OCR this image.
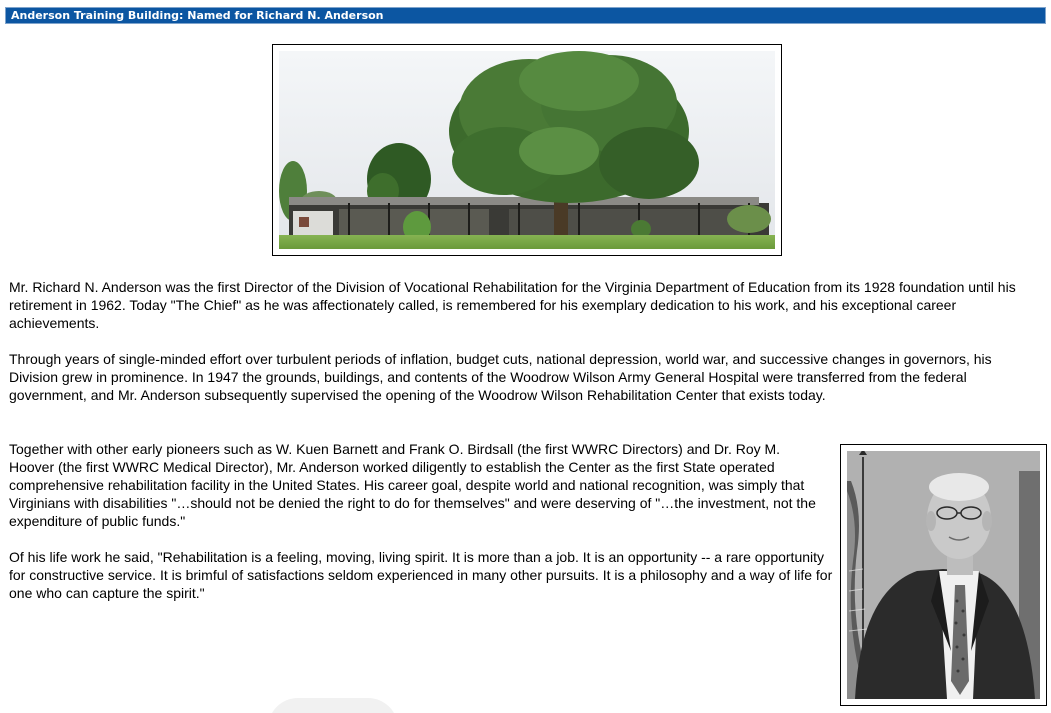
Anderson Training Building: Named for Richard N. Anderson

Mr. Richard N. Anderson was the first Director of the Division of Vocational Rehabilitation for the Virginia Department of Education from its 1928 foundation until his retirement in 1962. Today "The Chief" as he was affectionately called, is remembered for his exemplary dedication to his work, and his exceptional career achievements.

Through years of single-minded effort over turbulent periods of inflation, budget cuts, national depression, world war, and successive changes in governors, his Division grew in prominence. In 1947 the grounds, buildings, and contents of the Woodrow Wilson Army General Hospital were transferred from the federal government, and Mr. Anderson subsequently supervised the opening of the Woodrow Wilson Rehabilitation Center that exists today.

Together with other early pioneers such as W. Kuen Barnett and Frank O. Birdsall (the first WWRC Directors) and Dr. Roy M. Hoover (the first WWRC Medical Director), Mr. Anderson worked diligently to establish the Center as the first State operated comprehensive rehabilitation facility in the United States. His career goal, despite world and national recognition, was simply that Virginians with disabilities "…should not be denied the right to do for themselves" and were deserving of "…the investment, not the expenditure of public funds."

Of his life work he said, "Rehabilitation is a feeling, moving, living spirit. It is more than a job. It is an opportunity -- a rare opportunity for constructive service. It is brimful of satisfactions seldom experienced in many other pursuits. It is a philosophy and a way of life for one who can capture the spirit."
